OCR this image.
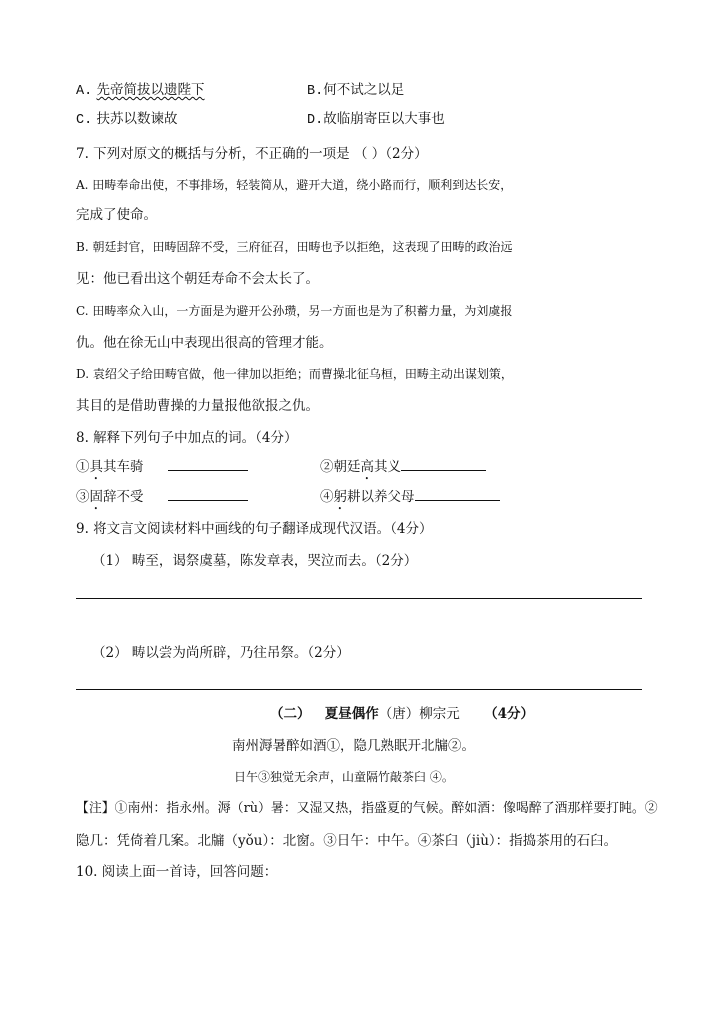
A. 先帝简拔以遗陛下	B.何不试之以足
C. 扶苏以数谏故	D.故临崩寄臣以大事也
7. 下列对原文的概括与分析，不正确的一项是 （ ）（2分）
A. 田畴奉命出使，不事排场，轻装简从，避开大道，绕小路而行，顺利到达长安，
完成了使命。
B. 朝廷封官，田畴固辞不受，三府征召，田畴也予以拒绝，这表现了田畴的政治远
见：他已看出这个朝廷寿命不会太长了。
C. 田畴率众入山，一方面是为避开公孙瓒，另一方面也是为了积蓄力量，为刘虞报
仇。他在徐无山中表现出很高的管理才能。
D. 袁绍父子给田畴官做，他一律加以拒绝；而曹操北征乌桓，田畴主动出谋划策，
其目的是借助曹操的力量报他欲报之仇。
8. 解释下列句子中加点的词。（4分）
①具其车骑	②朝廷高其义
③固辞不受	④躬耕以养父母
9. 将文言文阅读材料中画线的句子翻译成现代汉语。（4分）
（1） 畴至，谒祭虞墓，陈发章表，哭泣而去。（2分）
（2） 畴以尝为尚所辟，乃往吊祭。（2分）
（二） 夏昼偶作（唐）柳宗元 （4分）
南州溽暑醉如酒①，隐几熟眠开北牖②。
日午③独觉无余声，山童隔竹敲茶臼 ④。
【注】①南州：指永州。溽（rù）暑：又湿又热，指盛夏的气候。醉如酒：像喝醉了酒那样要打盹。②
隐几：凭倚着几案。北牖（yǒu）：北窗。③日午：中午。④茶臼（jiù）：指捣茶用的石臼。
10. 阅读上面一首诗，回答问题：
